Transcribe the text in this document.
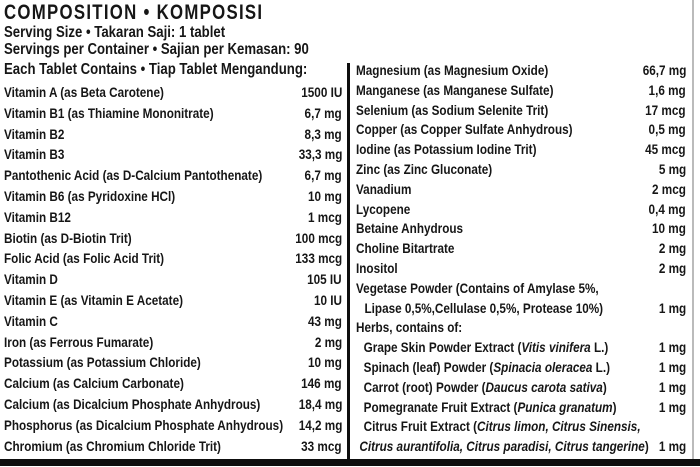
COMPOSITION • KOMPOSISI
Serving Size • Takaran Saji: 1 tablet
Servings per Container • Sajian per Kemasan: 90
Each Tablet Contains • Tiap Tablet Mengandung:
Vitamin A (as Beta Carotene)	1500 IU
Vitamin B1 (as Thiamine Mononitrate)	6,7 mg
Vitamin B2	8,3 mg
Vitamin B3	33,3 mg
Pantothenic Acid (as D-Calcium Pantothenate)	6,7 mg
Vitamin B6 (as Pyridoxine HCl)	10 mg
Vitamin B12	1 mcg
Biotin (as D-Biotin Trit)	100 mcg
Folic Acid (as Folic Acid Trit)	133 mcg
Vitamin D	105 IU
Vitamin E (as Vitamin E Acetate)	10 IU
Vitamin C	43 mg
Iron (as Ferrous Fumarate)	2 mg
Potassium (as Potassium Chloride)	10 mg
Calcium (as Calcium Carbonate)	146 mg
Calcium (as Dicalcium Phosphate Anhydrous)	18,4 mg
Phosphorus (as Dicalcium Phosphate Anhydrous)	14,2 mg
Chromium (as Chromium Chloride Trit)	33 mcg
Magnesium (as Magnesium Oxide)	66,7 mg
Manganese (as Manganese Sulfate)	1,6 mg
Selenium (as Sodium Selenite Trit)	17 mcg
Copper (as Copper Sulfate Anhydrous)	0,5 mg
Iodine (as Potassium Iodine Trit)	45 mcg
Zinc (as Zinc Gluconate)	5 mg
Vanadium	2 mcg
Lycopene	0,4 mg
Betaine Anhydrous	10 mg
Choline Bitartrate	2 mg
Inositol	2 mg
Vegetase Powder (Contains of Amylase 5%,
Lipase 0,5%,Cellulase 0,5%, Protease 10%)	1 mg
Herbs, contains of:
Grape Skin Powder Extract (Vitis vinifera L.)	1 mg
Spinach (leaf) Powder (Spinacia oleracea L.)	1 mg
Carrot (root) Powder (Daucus carota sativa)	1 mg
Pomegranate Fruit Extract (Punica granatum)	1 mg
Citrus Fruit Extract (Citrus limon, Citrus Sinensis,
Citrus aurantifolia, Citrus paradisi, Citrus tangerine) 1 mg
